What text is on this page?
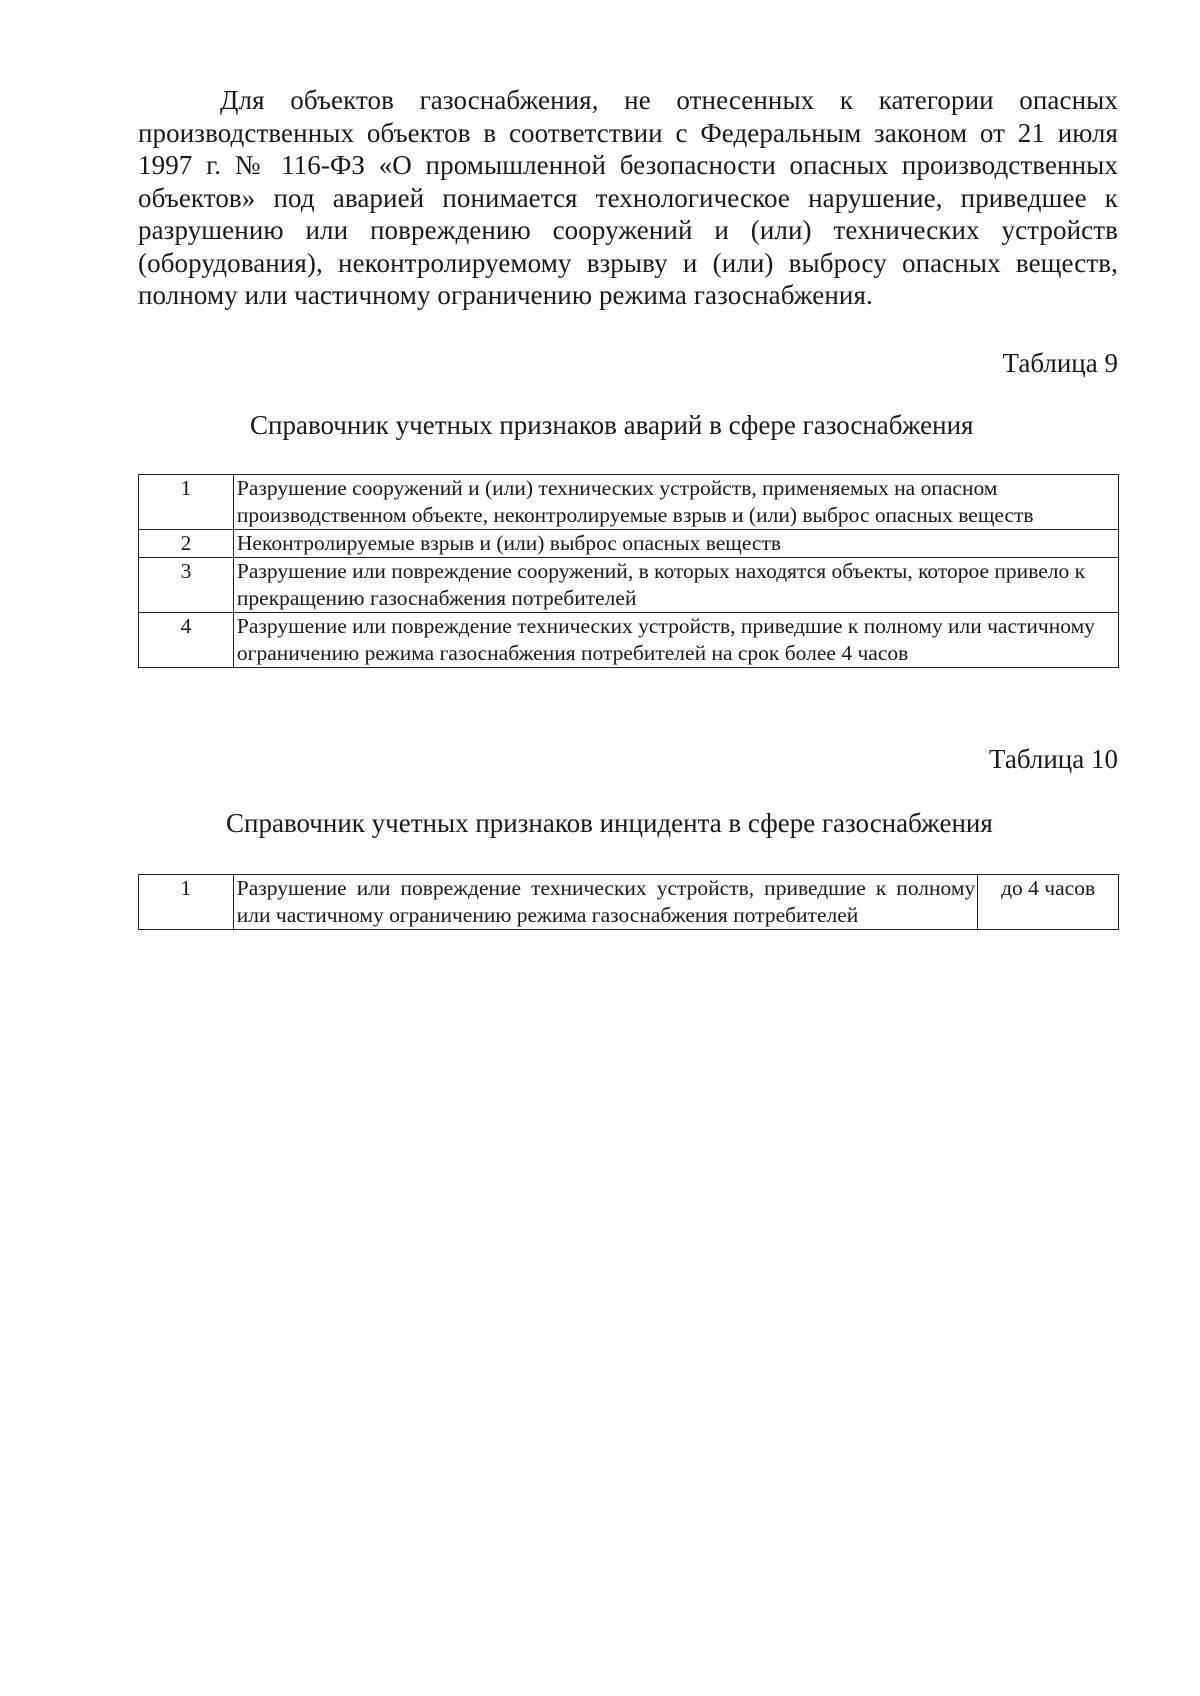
Для объектов газоснабжения, не отнесенных к категории опасных производственных объектов в соответствии с Федеральным законом от 21 июля 1997 г. № 116-ФЗ «О промышленной безопасности опасных производственных объектов» под аварией понимается технологическое нарушение, приведшее к разрушению или повреждению сооружений и (или) технических устройств (оборудования), неконтролируемому взрыву и (или) выбросу опасных веществ, полному или частичному ограничению режима газоснабжения.

Таблица 9

Справочник учетных признаков аварий в сфере газоснабжения

1	Разрушение сооружений и (или) технических устройств, применяемых на опасном производственном объекте, неконтролируемые взрыв и (или) выброс опасных веществ
2	Неконтролируемые взрыв и (или) выброс опасных веществ
3	Разрушение или повреждение сооружений, в которых находятся объекты, которое привело к прекращению газоснабжения потребителей
4	Разрушение или повреждение технических устройств, приведшие к полному или частичному ограничению режима газоснабжения потребителей на срок более 4 часов

Таблица 10

Справочник учетных признаков инцидента в сфере газоснабжения

1	Разрушение или повреждение технических устройств, приведшие к полному или частичному ограничению режима газоснабжения потребителей	до 4 часов
